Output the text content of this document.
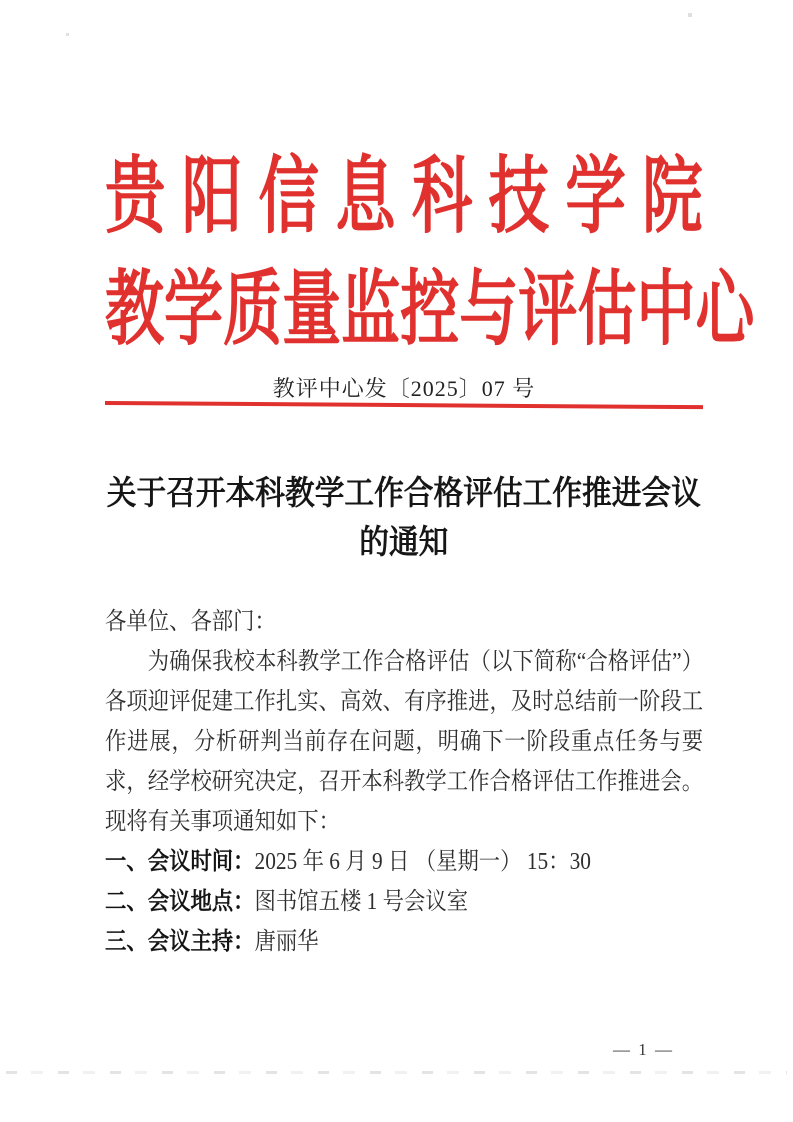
贵阳信息科技学院
教学质量监控与评估中心
教评中心发〔2025〕07 号
关于召开本科教学工作合格评估工作推进会议
的通知
各单位、各部门：
为确保我校本科教学工作合格评估（以下简称“合格评估”）各项迎评促建工作扎实、高效、有序推进，及时总结前一阶段工作进展，分析研判当前存在问题，明确下一阶段重点任务与要求，经学校研究决定，召开本科教学工作合格评估工作推进会。现将有关事项通知如下：
一、会议时间：2025 年 6 月 9 日 （星期一） 15：30
二、会议地点：图书馆五楼 1 号会议室
三、会议主持：唐丽华
— 1 —
